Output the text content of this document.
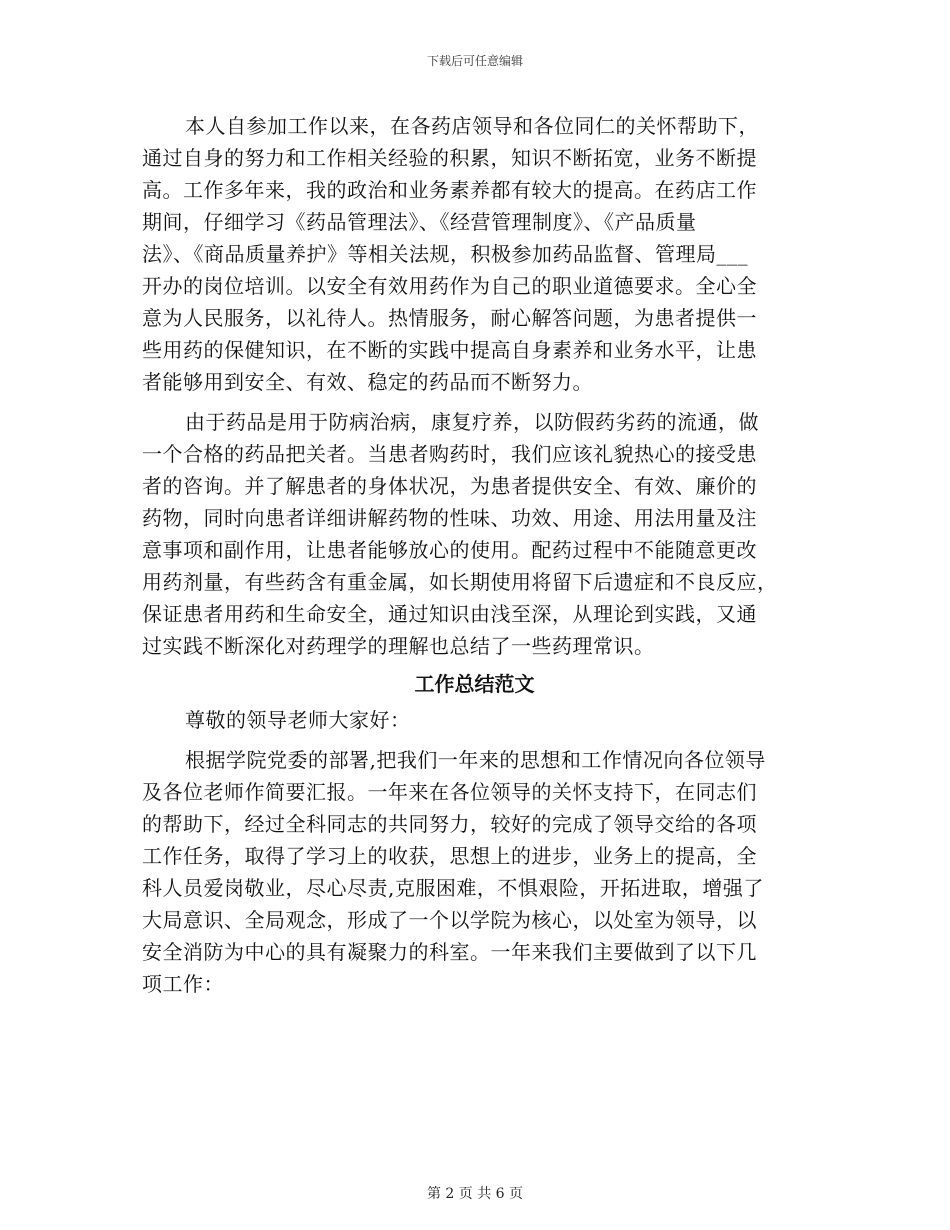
下载后可任意编辑
本人自参加工作以来，在各药店领导和各位同仁的关怀帮助下，
通过自身的努力和工作相关经验的积累，知识不断拓宽，业务不断提
高。工作多年来，我的政治和业务素养都有较大的提高。在药店工作
期间，仔细学习《药品管理法》、《经营管理制度》、《产品质量
法》、《商品质量养护》等相关法规，积极参加药品监督、管理局___
开办的岗位培训。以安全有效用药作为自己的职业道德要求。全心全
意为人民服务，以礼待人。热情服务，耐心解答问题，为患者提供一
些用药的保健知识，在不断的实践中提高自身素养和业务水平，让患
者能够用到安全、有效、稳定的药品而不断努力。
由于药品是用于防病治病，康复疗养，以防假药劣药的流通，做
一个合格的药品把关者。当患者购药时，我们应该礼貌热心的接受患
者的咨询。并了解患者的身体状况，为患者提供安全、有效、廉价的
药物，同时向患者详细讲解药物的性味、功效、用途、用法用量及注
意事项和副作用，让患者能够放心的使用。配药过程中不能随意更改
用药剂量，有些药含有重金属，如长期使用将留下后遗症和不良反应，
保证患者用药和生命安全，通过知识由浅至深，从理论到实践，又通
过实践不断深化对药理学的理解也总结了一些药理常识。
工作总结范文
尊敬的领导老师大家好：
根据学院党委的部署,把我们一年来的思想和工作情况向各位领导
及各位老师作简要汇报。一年来在各位领导的关怀支持下，在同志们
的帮助下，经过全科同志的共同努力，较好的完成了领导交给的各项
工作任务，取得了学习上的收获，思想上的进步，业务上的提高，全
科人员爱岗敬业，尽心尽责,克服困难，不惧艰险，开拓进取，增强了
大局意识、全局观念，形成了一个以学院为核心，以处室为领导，以
安全消防为中心的具有凝聚力的科室。一年来我们主要做到了以下几
项工作：
第 2 页 共 6 页
